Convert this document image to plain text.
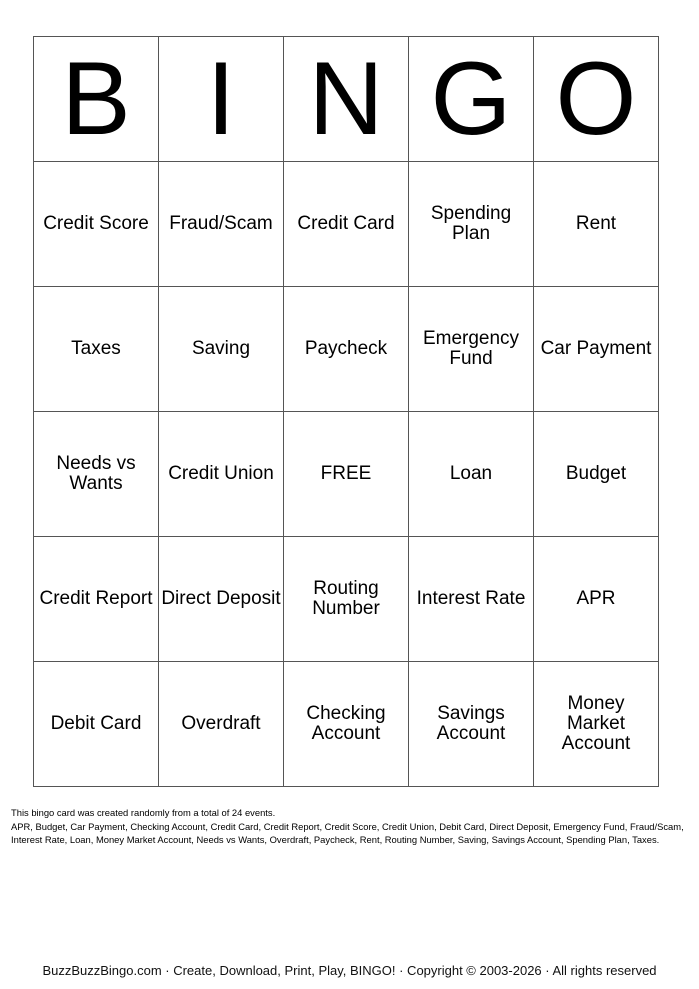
B	I	N	G	O
Credit Score	Fraud/Scam	Credit Card	Spending Plan	Rent
Taxes	Saving	Paycheck	Emergency Fund	Car Payment
Needs vs Wants	Credit Union	FREE	Loan	Budget
Credit Report	Direct Deposit	Routing Number	Interest Rate	APR
Debit Card	Overdraft	Checking Account	Savings Account	Money Market Account

This bingo card was created randomly from a total of 24 events.

APR, Budget, Car Payment, Checking Account, Credit Card, Credit Report, Credit Score, Credit Union, Debit Card, Direct Deposit, Emergency Fund, Fraud/Scam, Interest Rate, Loan, Money Market Account, Needs vs Wants, Overdraft, Paycheck, Rent, Routing Number, Saving, Savings Account, Spending Plan, Taxes.

BuzzBuzzBingo.com · Create, Download, Print, Play, BINGO! · Copyright © 2003-2026 · All rights reserved
